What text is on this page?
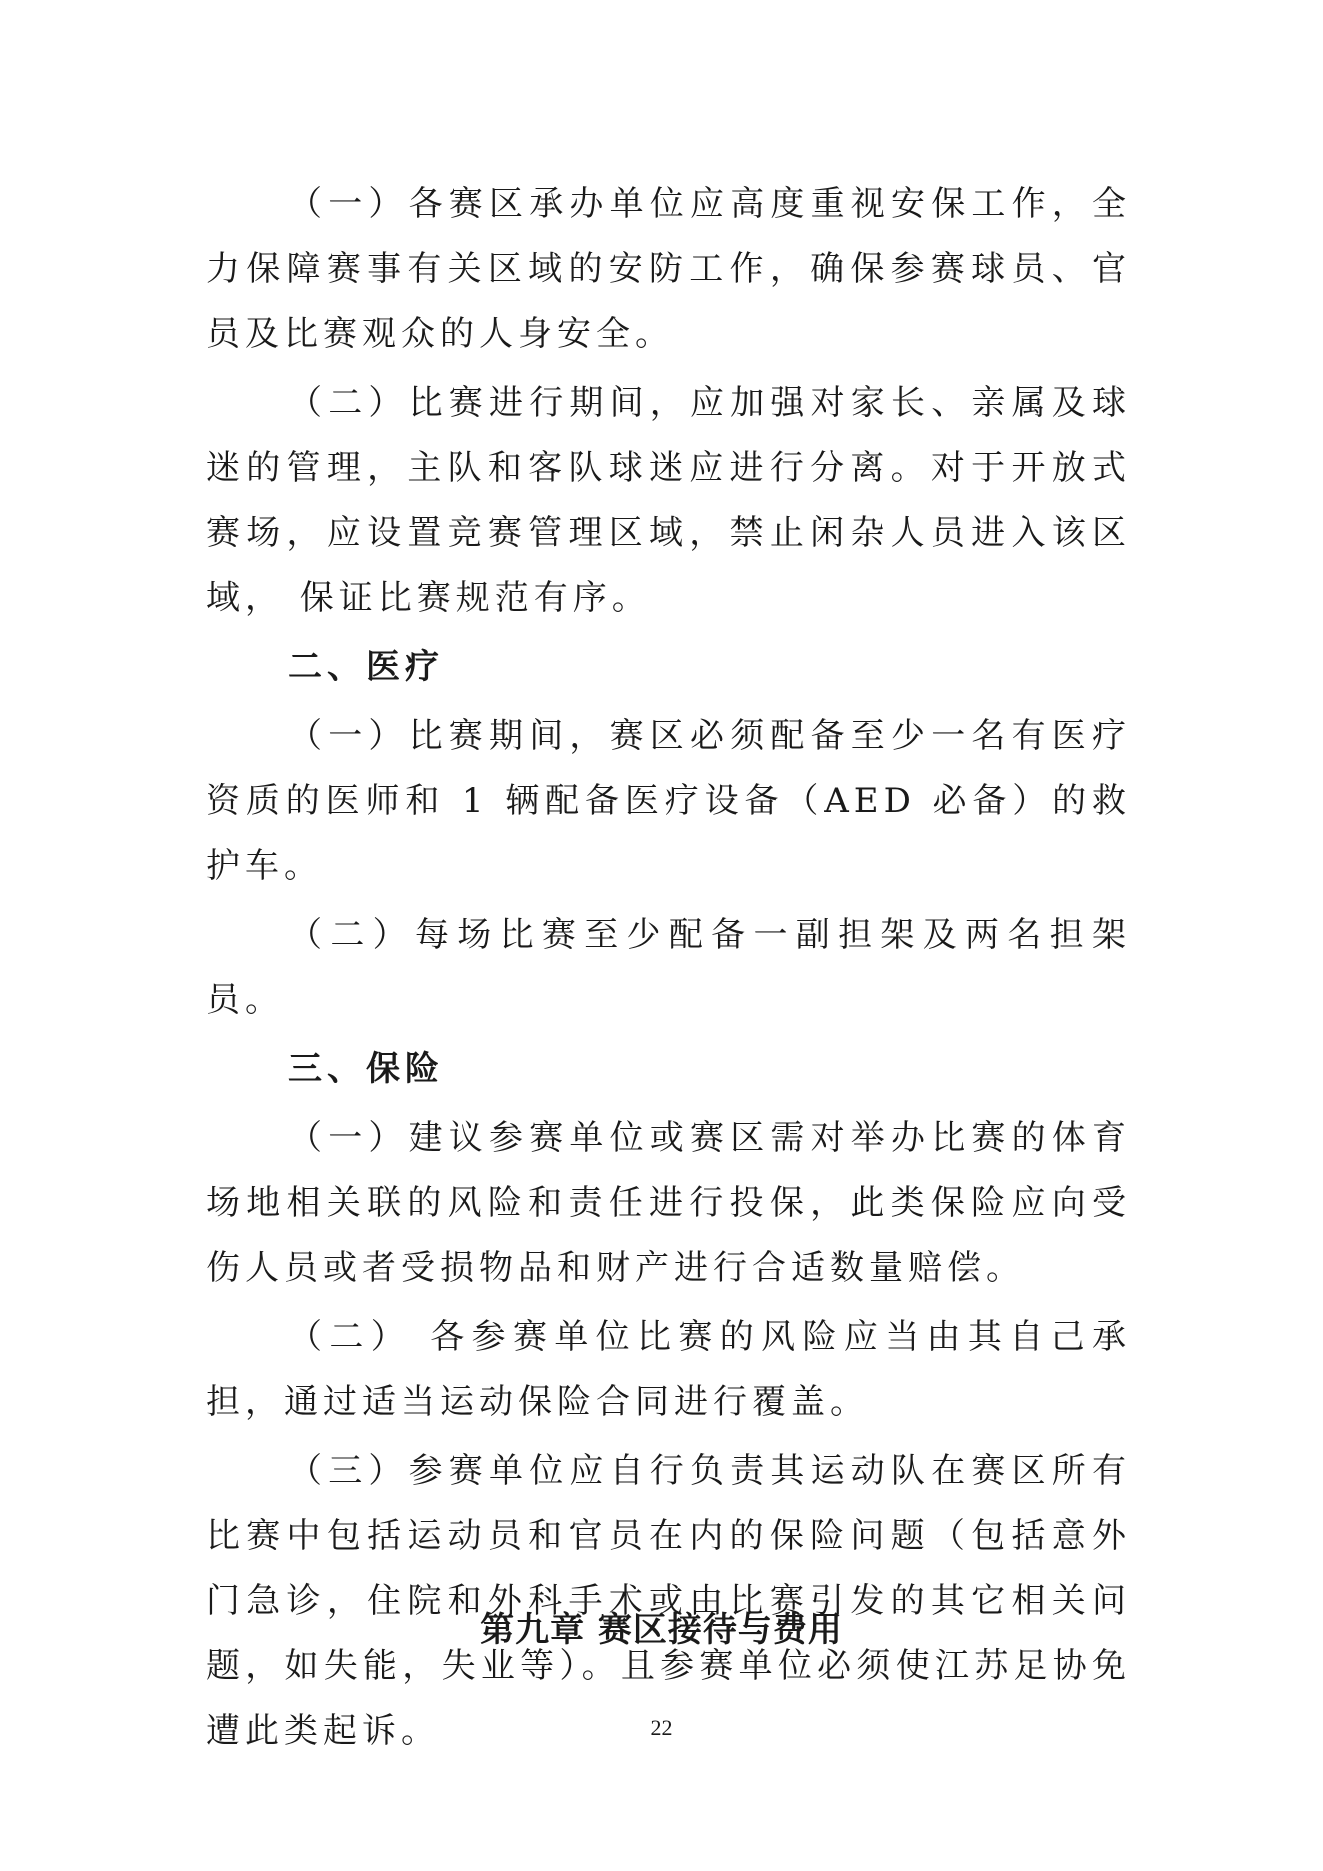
（一）各赛区承办单位应高度重视安保工作，全力保障赛事有关区域的安防工作，确保参赛球员、官员及比赛观众的人身安全。

（二）比赛进行期间，应加强对家长、亲属及球迷的管理，主队和客队球迷应进行分离。对于开放式赛场，应设置竞赛管理区域，禁止闲杂人员进入该区域， 保证比赛规范有序。

二、医疗

（一）比赛期间，赛区必须配备至少一名有医疗资质的医师和 1 辆配备医疗设备（AED 必备）的救护车。

（二）每场比赛至少配备一副担架及两名担架员。

三、保险

（一）建议参赛单位或赛区需对举办比赛的体育场地相关联的风险和责任进行投保，此类保险应向受伤人员或者受损物品和财产进行合适数量赔偿。

（二） 各参赛单位比赛的风险应当由其自己承担，通过适当运动保险合同进行覆盖。

（三）参赛单位应自行负责其运动队在赛区所有比赛中包括运动员和官员在内的保险问题（包括意外门急诊，住院和外科手术或由比赛引发的其它相关问题，如失能，失业等）。且参赛单位必须使江苏足协免遭此类起诉。

第九章 赛区接待与费用
22
